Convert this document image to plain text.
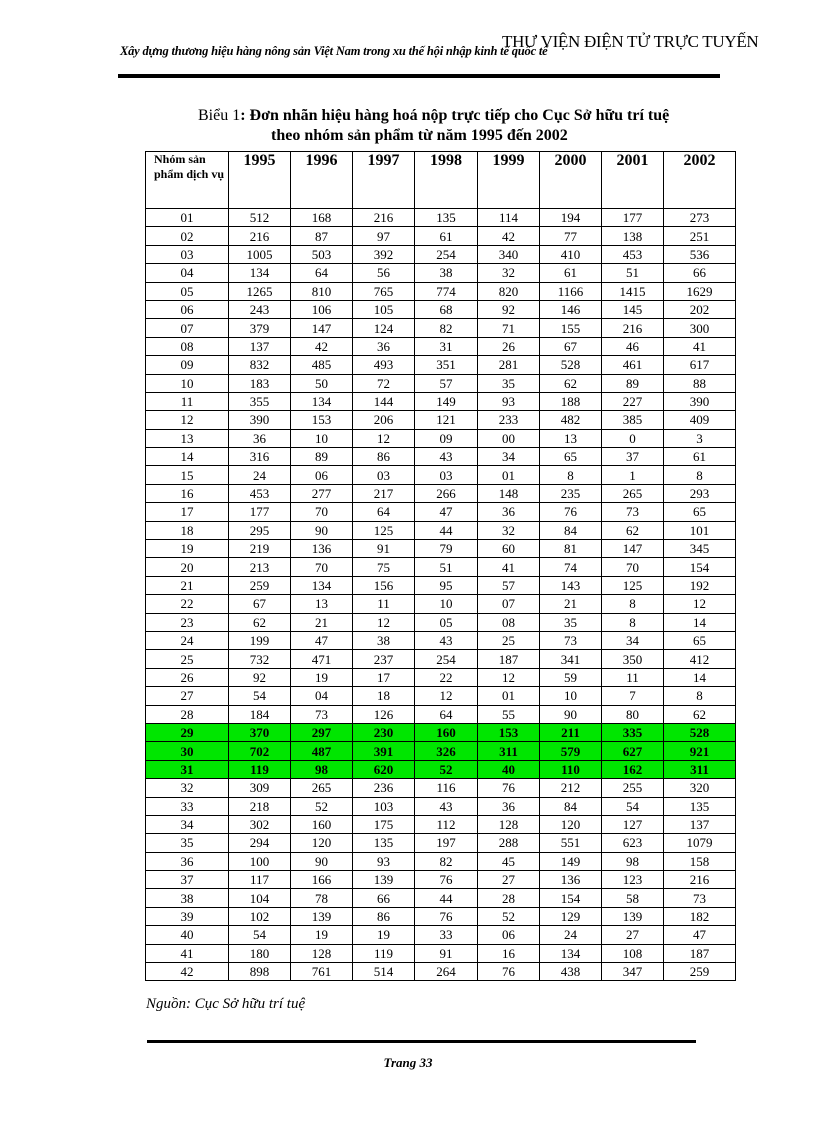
Xây dựng thương hiệu hàng nông sản Việt Nam trong xu thế hội nhập kinh tế quốc tế
THƯ VIỆN ĐIỆN TỬ TRỰC TUYẾN
Biểu 1: Đơn nhãn hiệu hàng hoá nộp trực tiếp cho Cục Sở hữu trí tuệ
theo nhóm sản phẩm từ năm 1995 đến 2002
Nhóm sản phẩm dịch vụ	1995	1996	1997	1998	1999	2000	2001	2002
01	512	168	216	135	114	194	177	273
02	216	87	97	61	42	77	138	251
03	1005	503	392	254	340	410	453	536
04	134	64	56	38	32	61	51	66
05	1265	810	765	774	820	1166	1415	1629
06	243	106	105	68	92	146	145	202
07	379	147	124	82	71	155	216	300
08	137	42	36	31	26	67	46	41
09	832	485	493	351	281	528	461	617
10	183	50	72	57	35	62	89	88
11	355	134	144	149	93	188	227	390
12	390	153	206	121	233	482	385	409
13	36	10	12	09	00	13	0	3
14	316	89	86	43	34	65	37	61
15	24	06	03	03	01	8	1	8
16	453	277	217	266	148	235	265	293
17	177	70	64	47	36	76	73	65
18	295	90	125	44	32	84	62	101
19	219	136	91	79	60	81	147	345
20	213	70	75	51	41	74	70	154
21	259	134	156	95	57	143	125	192
22	67	13	11	10	07	21	8	12
23	62	21	12	05	08	35	8	14
24	199	47	38	43	25	73	34	65
25	732	471	237	254	187	341	350	412
26	92	19	17	22	12	59	11	14
27	54	04	18	12	01	10	7	8
28	184	73	126	64	55	90	80	62
29	370	297	230	160	153	211	335	528
30	702	487	391	326	311	579	627	921
31	119	98	620	52	40	110	162	311
32	309	265	236	116	76	212	255	320
33	218	52	103	43	36	84	54	135
34	302	160	175	112	128	120	127	137
35	294	120	135	197	288	551	623	1079
36	100	90	93	82	45	149	98	158
37	117	166	139	76	27	136	123	216
38	104	78	66	44	28	154	58	73
39	102	139	86	76	52	129	139	182
40	54	19	19	33	06	24	27	47
41	180	128	119	91	16	134	108	187
42	898	761	514	264	76	438	347	259
Nguồn: Cục Sở hữu trí tuệ
Trang 33
